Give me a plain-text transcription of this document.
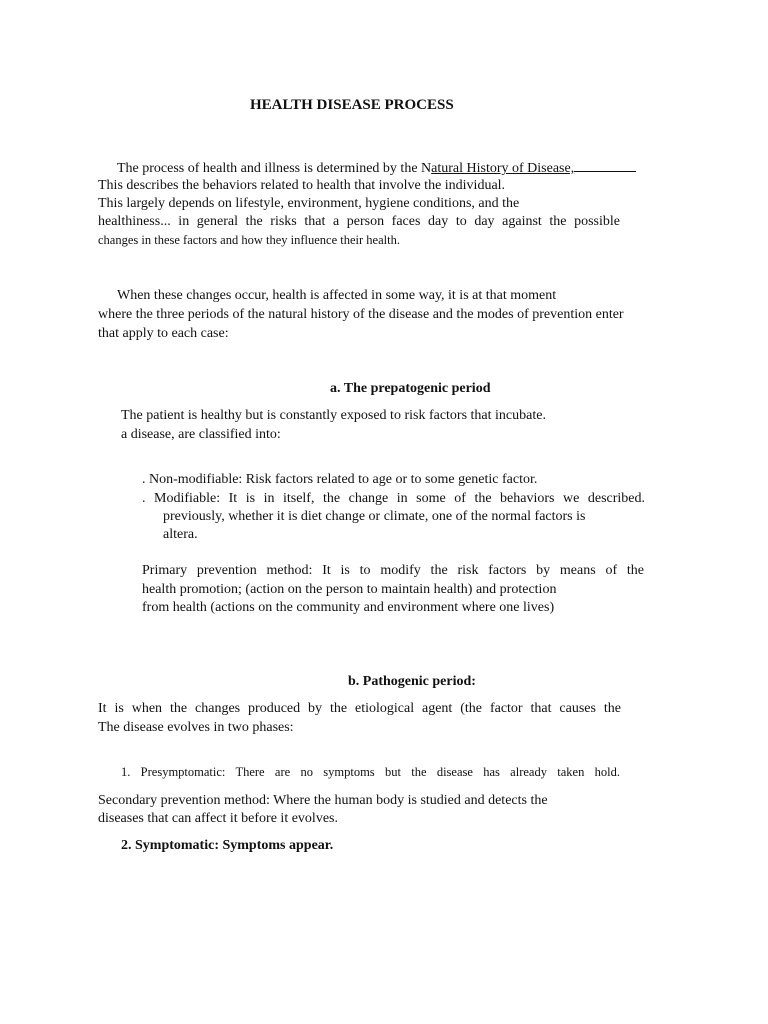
HEALTH DISEASE PROCESS
The process of health and illness is determined by the Natural History of Disease,
This describes the behaviors related to health that involve the individual.
This largely depends on lifestyle, environment, hygiene conditions, and the
healthiness... in general the risks that a person faces day to day against the possible
changes in these factors and how they influence their health.
When these changes occur, health is affected in some way, it is at that moment
where the three periods of the natural history of the disease and the modes of prevention enter
that apply to each case:
a. The prepatogenic period
The patient is healthy but is constantly exposed to risk factors that incubate.
a disease, are classified into:
. Non-modifiable: Risk factors related to age or to some genetic factor.
. Modifiable: It is in itself, the change in some of the behaviors we described.
previously, whether it is diet change or climate, one of the normal factors is
altera.
Primary prevention method: It is to modify the risk factors by means of the
health promotion; (action on the person to maintain health) and protection
from health (actions on the community and environment where one lives)
b. Pathogenic period:
It is when the changes produced by the etiological agent (the factor that causes the
The disease evolves in two phases:
1. Presymptomatic: There are no symptoms but the disease has already taken hold.
Secondary prevention method: Where the human body is studied and detects the
diseases that can affect it before it evolves.
2. Symptomatic: Symptoms appear.
